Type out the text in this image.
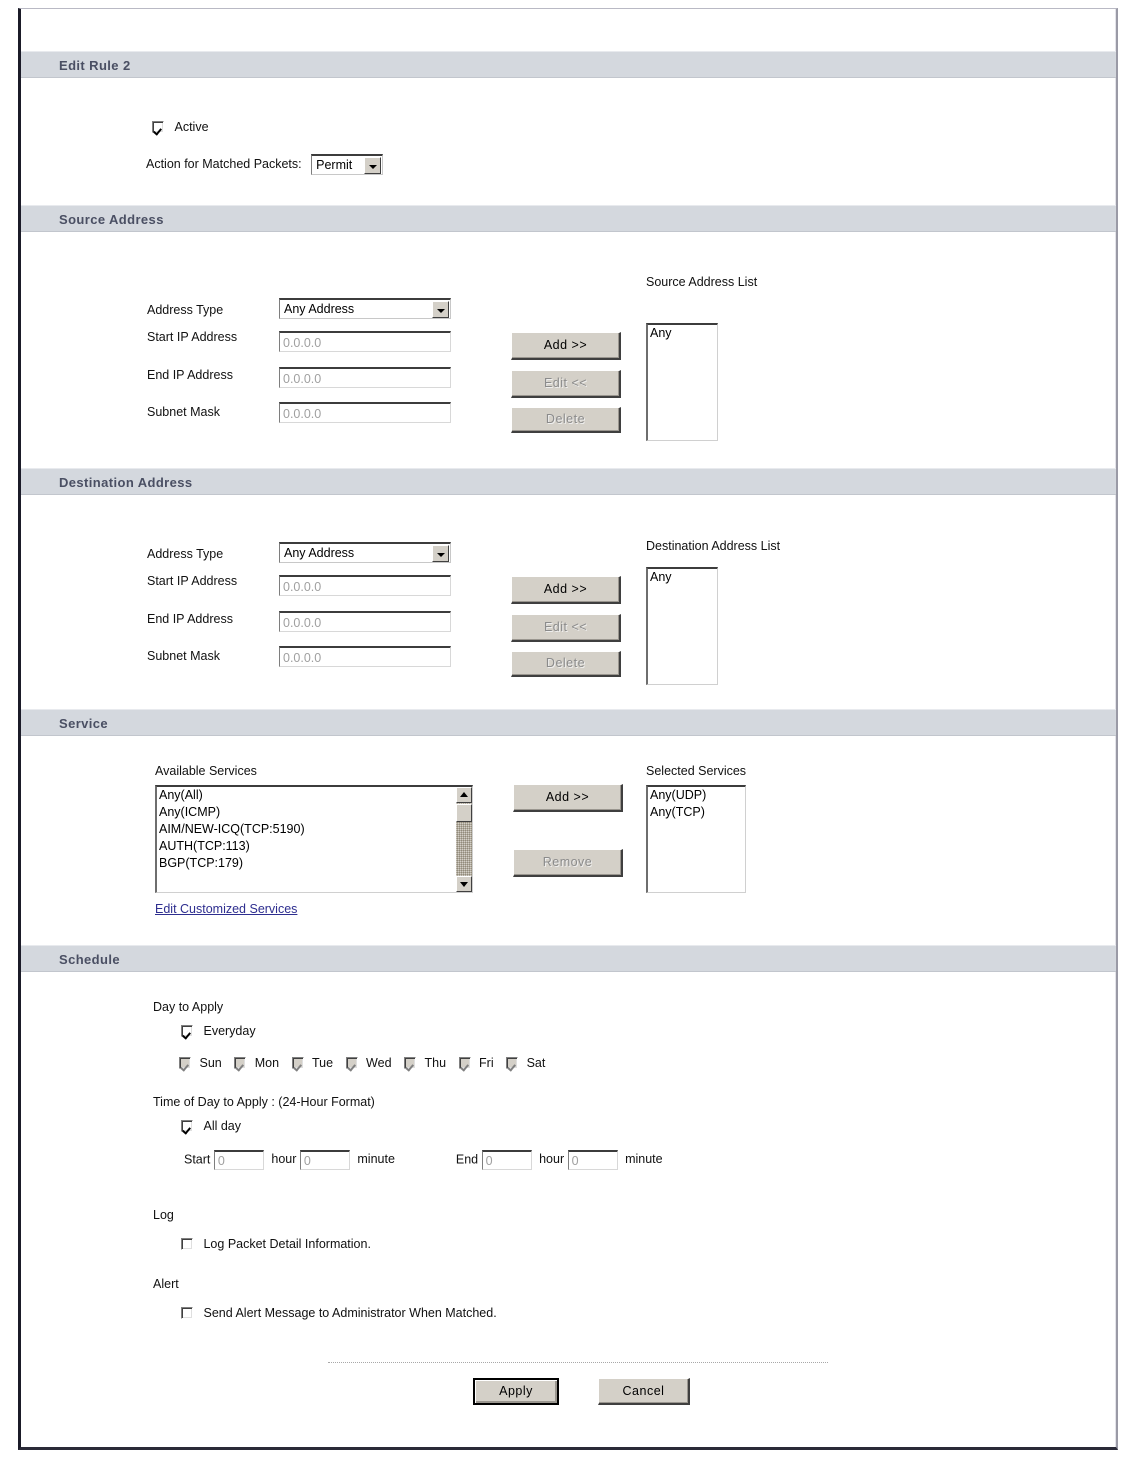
Edit Rule 2
Active
Action for Matched Packets: Permit
Source Address
Address Type	Any Address
Start IP Address	0.0.0.0
End IP Address	0.0.0.0
Subnet Mask	0.0.0.0
Add >>
Edit <<
Delete
Source Address List
Any
Destination Address
Address Type	Any Address
Start IP Address	0.0.0.0
End IP Address	0.0.0.0
Subnet Mask	0.0.0.0
Add >>
Edit <<
Delete
Destination Address List
Any
Service
Available Services
Any(All)
Any(ICMP)
AIM/NEW-ICQ(TCP:5190)
AUTH(TCP:113)
BGP(TCP:179)
Edit Customized Services
Add >>
Remove
Selected Services
Any(UDP)
Any(TCP)
Schedule
Day to Apply
Everyday
Sun	Mon	Tue	Wed	Thu	Fri	Sat
Time of Day to Apply : (24-Hour Format)
All day
Start 0	hour 0	minute	End 0	hour 0	minute
Log
Log Packet Detail Information.
Alert
Send Alert Message to Administrator When Matched.
Apply	Cancel
